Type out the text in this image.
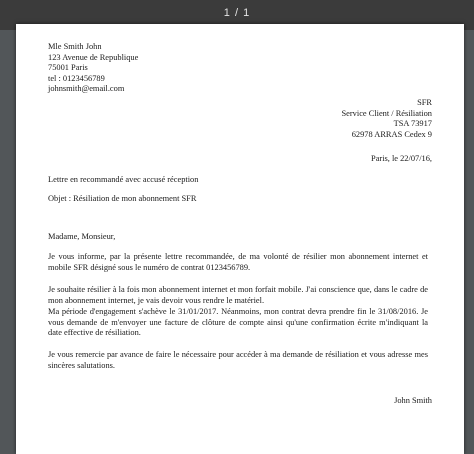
1 / 1
Mle Smith John
123 Avenue de Republique
75001 Paris
tel : 0123456789
johnsmith@email.com
SFR
Service Client / Résiliation
TSA 73917
62978 ARRAS Cedex 9
Paris, le 22/07/16,
Lettre en recommandé avec accusé réception
Objet : Résiliation de mon abonnement SFR
Madame, Monsieur,
Je vous informe, par la présente lettre recommandée, de ma volonté de résilier mon abonnement internet et mobile SFR désigné sous le numéro de contrat 0123456789.
Je souhaite résilier à la fois mon abonnement internet et mon forfait mobile. J'ai conscience que, dans le cadre de mon abonnement internet, je vais devoir vous rendre le matériel.
Ma période d'engagement s'achève le 31/01/2017. Néanmoins, mon contrat devra prendre fin le 31/08/2016. Je vous demande de m'envoyer une facture de clôture de compte ainsi qu'une confirmation écrite m'indiquant la date effective de résiliation.
Je vous remercie par avance de faire le nécessaire pour accéder à ma demande de résiliation et vous adresse mes sincères salutations.
John Smith
